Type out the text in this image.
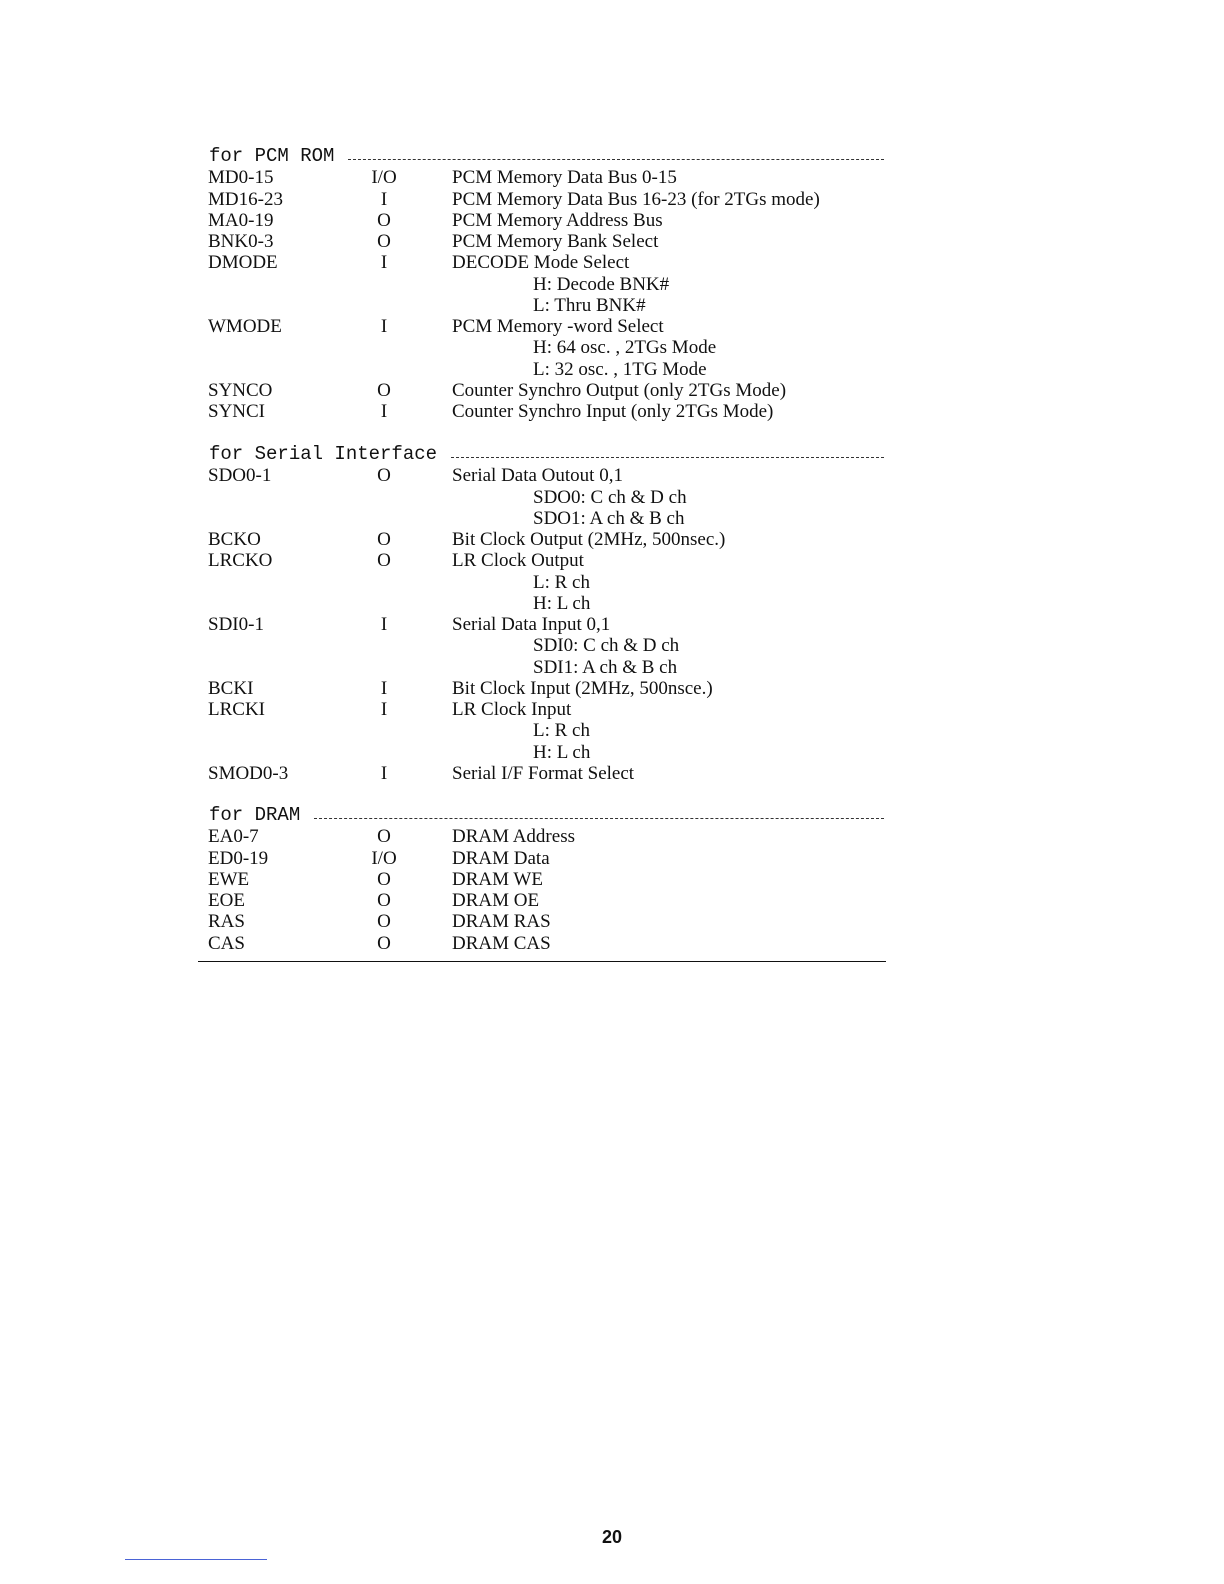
for PCM ROM
MD0-15	I/O	PCM Memory Data Bus 0-15
MD16-23	I	PCM Memory Data Bus 16-23 (for 2TGs mode)
MA0-19	O	PCM Memory Address Bus
BNK0-3	O	PCM Memory Bank Select
DMODE	I	DECODE Mode Select
H: Decode BNK#
L: Thru BNK#
WMODE	I	PCM Memory -word Select
H: 64 osc. , 2TGs Mode
L: 32 osc. , 1TG Mode
SYNCO	O	Counter Synchro Output (only 2TGs Mode)
SYNCI	I	Counter Synchro Input (only 2TGs Mode)
for Serial Interface
SDO0-1	O	Serial Data Outout 0,1
SDO0: C ch & D ch
SDO1: A ch & B ch
BCKO	O	Bit Clock Output (2MHz, 500nsec.)
LRCKO	O	LR Clock Output
L: R ch
H: L ch
SDI0-1	I	Serial Data Input 0,1
SDI0: C ch & D ch
SDI1: A ch & B ch
BCKI	I	Bit Clock Input (2MHz, 500nsce.)
LRCKI	I	LR Clock Input
L: R ch
H: L ch
SMOD0-3	I	Serial I/F Format Select
for DRAM
EA0-7	O	DRAM Address
ED0-19	I/O	DRAM Data
EWE	O	DRAM WE
EOE	O	DRAM OE
RAS	O	DRAM RAS
CAS	O	DRAM CAS
20
